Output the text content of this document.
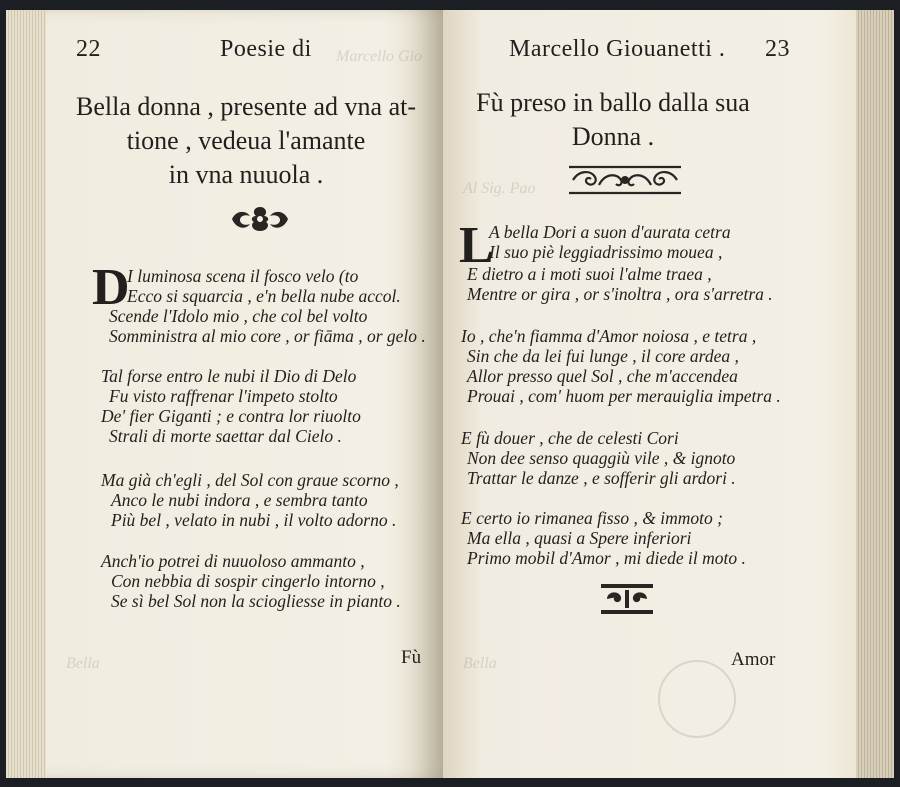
Marcello Gio
Bella
22	Poesie di
Bella donna , presente ad vna at-
tione , vedeua l'amante
in vna nuuola .
D
I luminosa scena il fosco velo (to
Ecco si squarcia , e'n bella nube accol.
Scende l'Idolo mio , che col bel volto
Somministra al mio core , or fiāma , or gelo .
Tal forse entro le nubi il Dio di Delo
Fu visto raffrenar l'impeto stolto
De' fier Giganti ; e contra lor riuolto
Strali di morte saettar dal Cielo .
Ma già ch'egli , del Sol con graue scorno ,
Anco le nubi indora , e sembra tanto
Più bel , velato in nubi , il volto adorno .
Anch'io potrei di nuuoloso ammanto ,
Con nebbia di sospir cingerlo intorno ,
Se sì bel Sol non la sciogliesse in pianto .
Fù
Al Sig. Pao
Bella
Marcello Giouanetti . 23
Fù preso in ballo dalla sua
Donna .
L
A bella Dori a suon d'aurata cetra
Il suo piè leggiadrissimo mouea ,
E dietro a i moti suoi l'alme traea ,
Mentre or gira , or s'inoltra , ora s'arretra .
Io , che'n fiamma d'Amor noiosa , e tetra ,
Sin che da lei fui lunge , il core ardea ,
Allor presso quel Sol , che m'accendea
Prouai , com' huom per merauiglia impetra .
E fù douer , che de celesti Cori
Non dee senso quaggiù vile , & ignoto
Trattar le danze , e sofferir gli ardori .
E certo io rimanea fisso , & immoto ;
Ma ella , quasi a Spere inferiori
Primo mobil d'Amor , mi diede il moto .
Amor
